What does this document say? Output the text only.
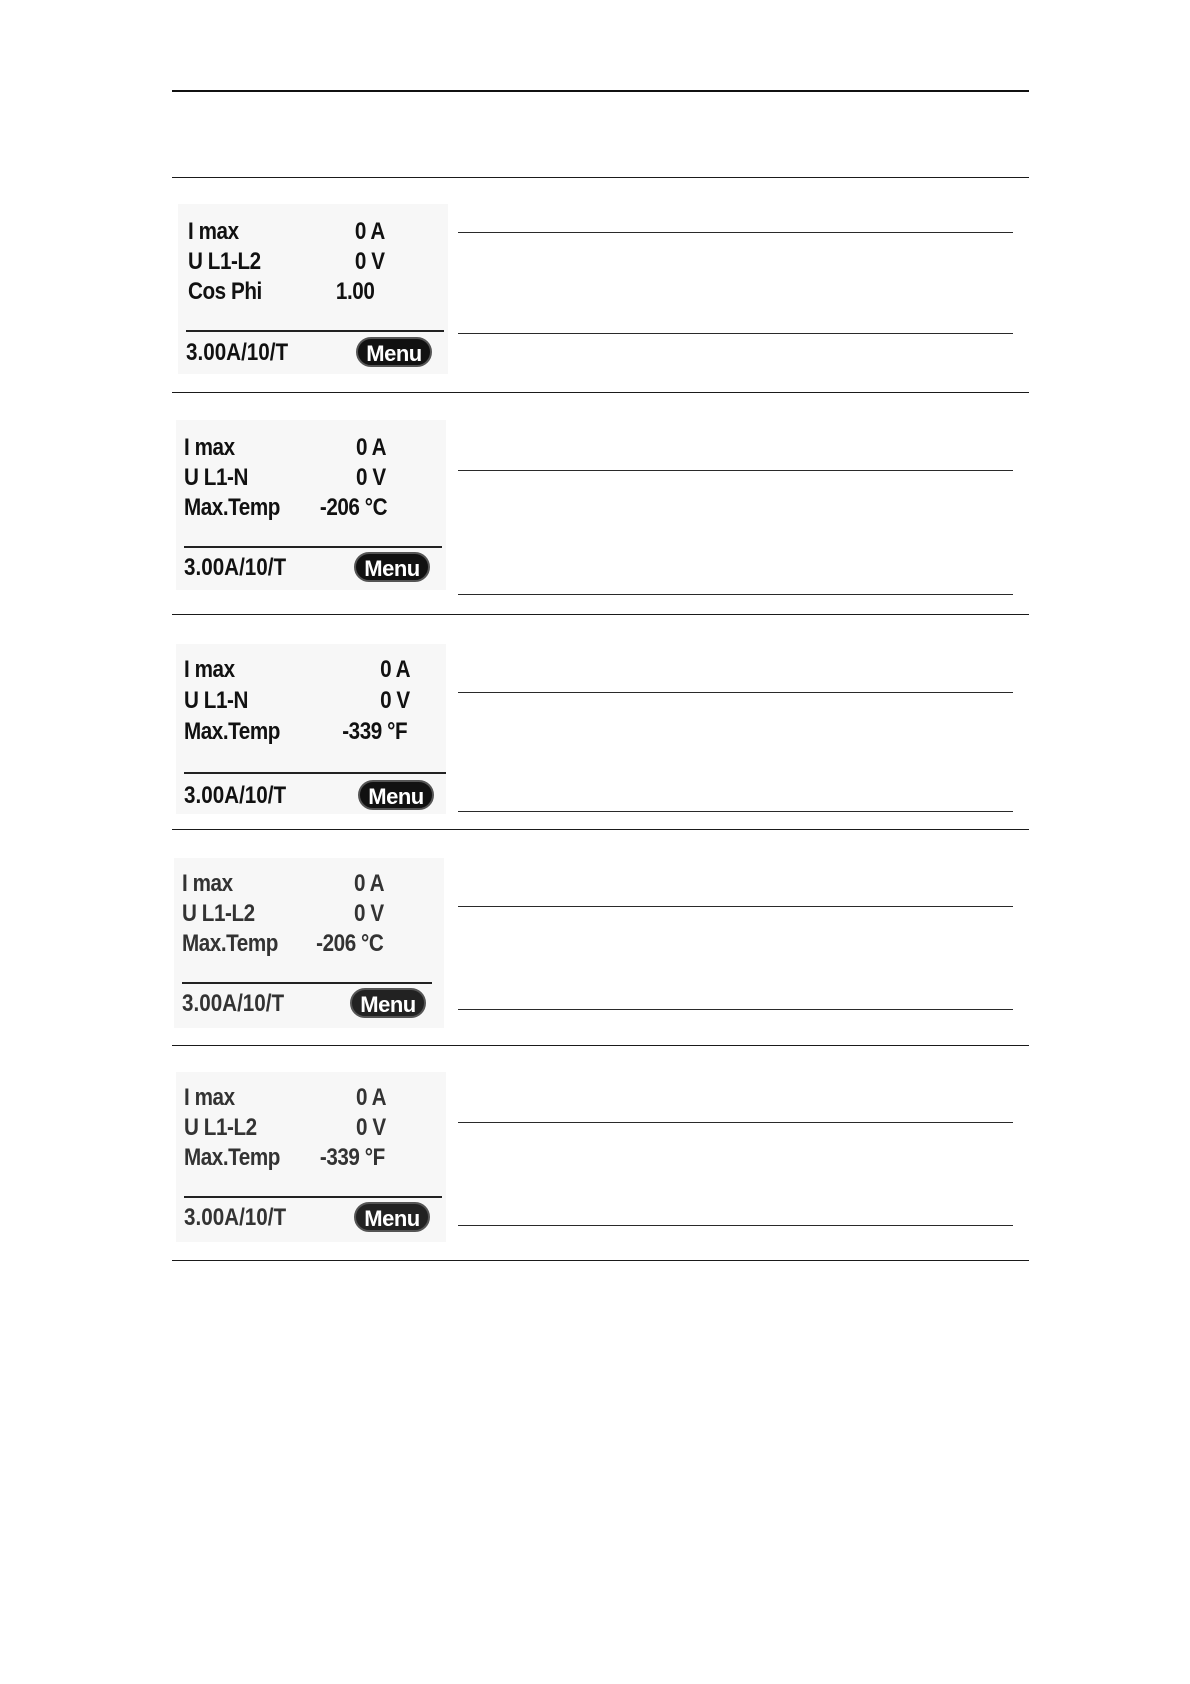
I max	0 A
U L1-L2	0 V
Cos Phi	1.00
3.00A/10/T	Menu
I max	0 A
U L1-N	0 V
Max.Temp -206 °C
3.00A/10/T	Menu
I max	0 A
U L1-N	0 V
Max.Temp	-339 °F
3.00A/10/T	Menu
I max	0 A
U L1-L2	0 V
Max.Temp -206 °C
3.00A/10/T	Menu
I max	0 A
U L1-L2	0 V
Max.Temp -339 °F
3.00A/10/T	Menu
